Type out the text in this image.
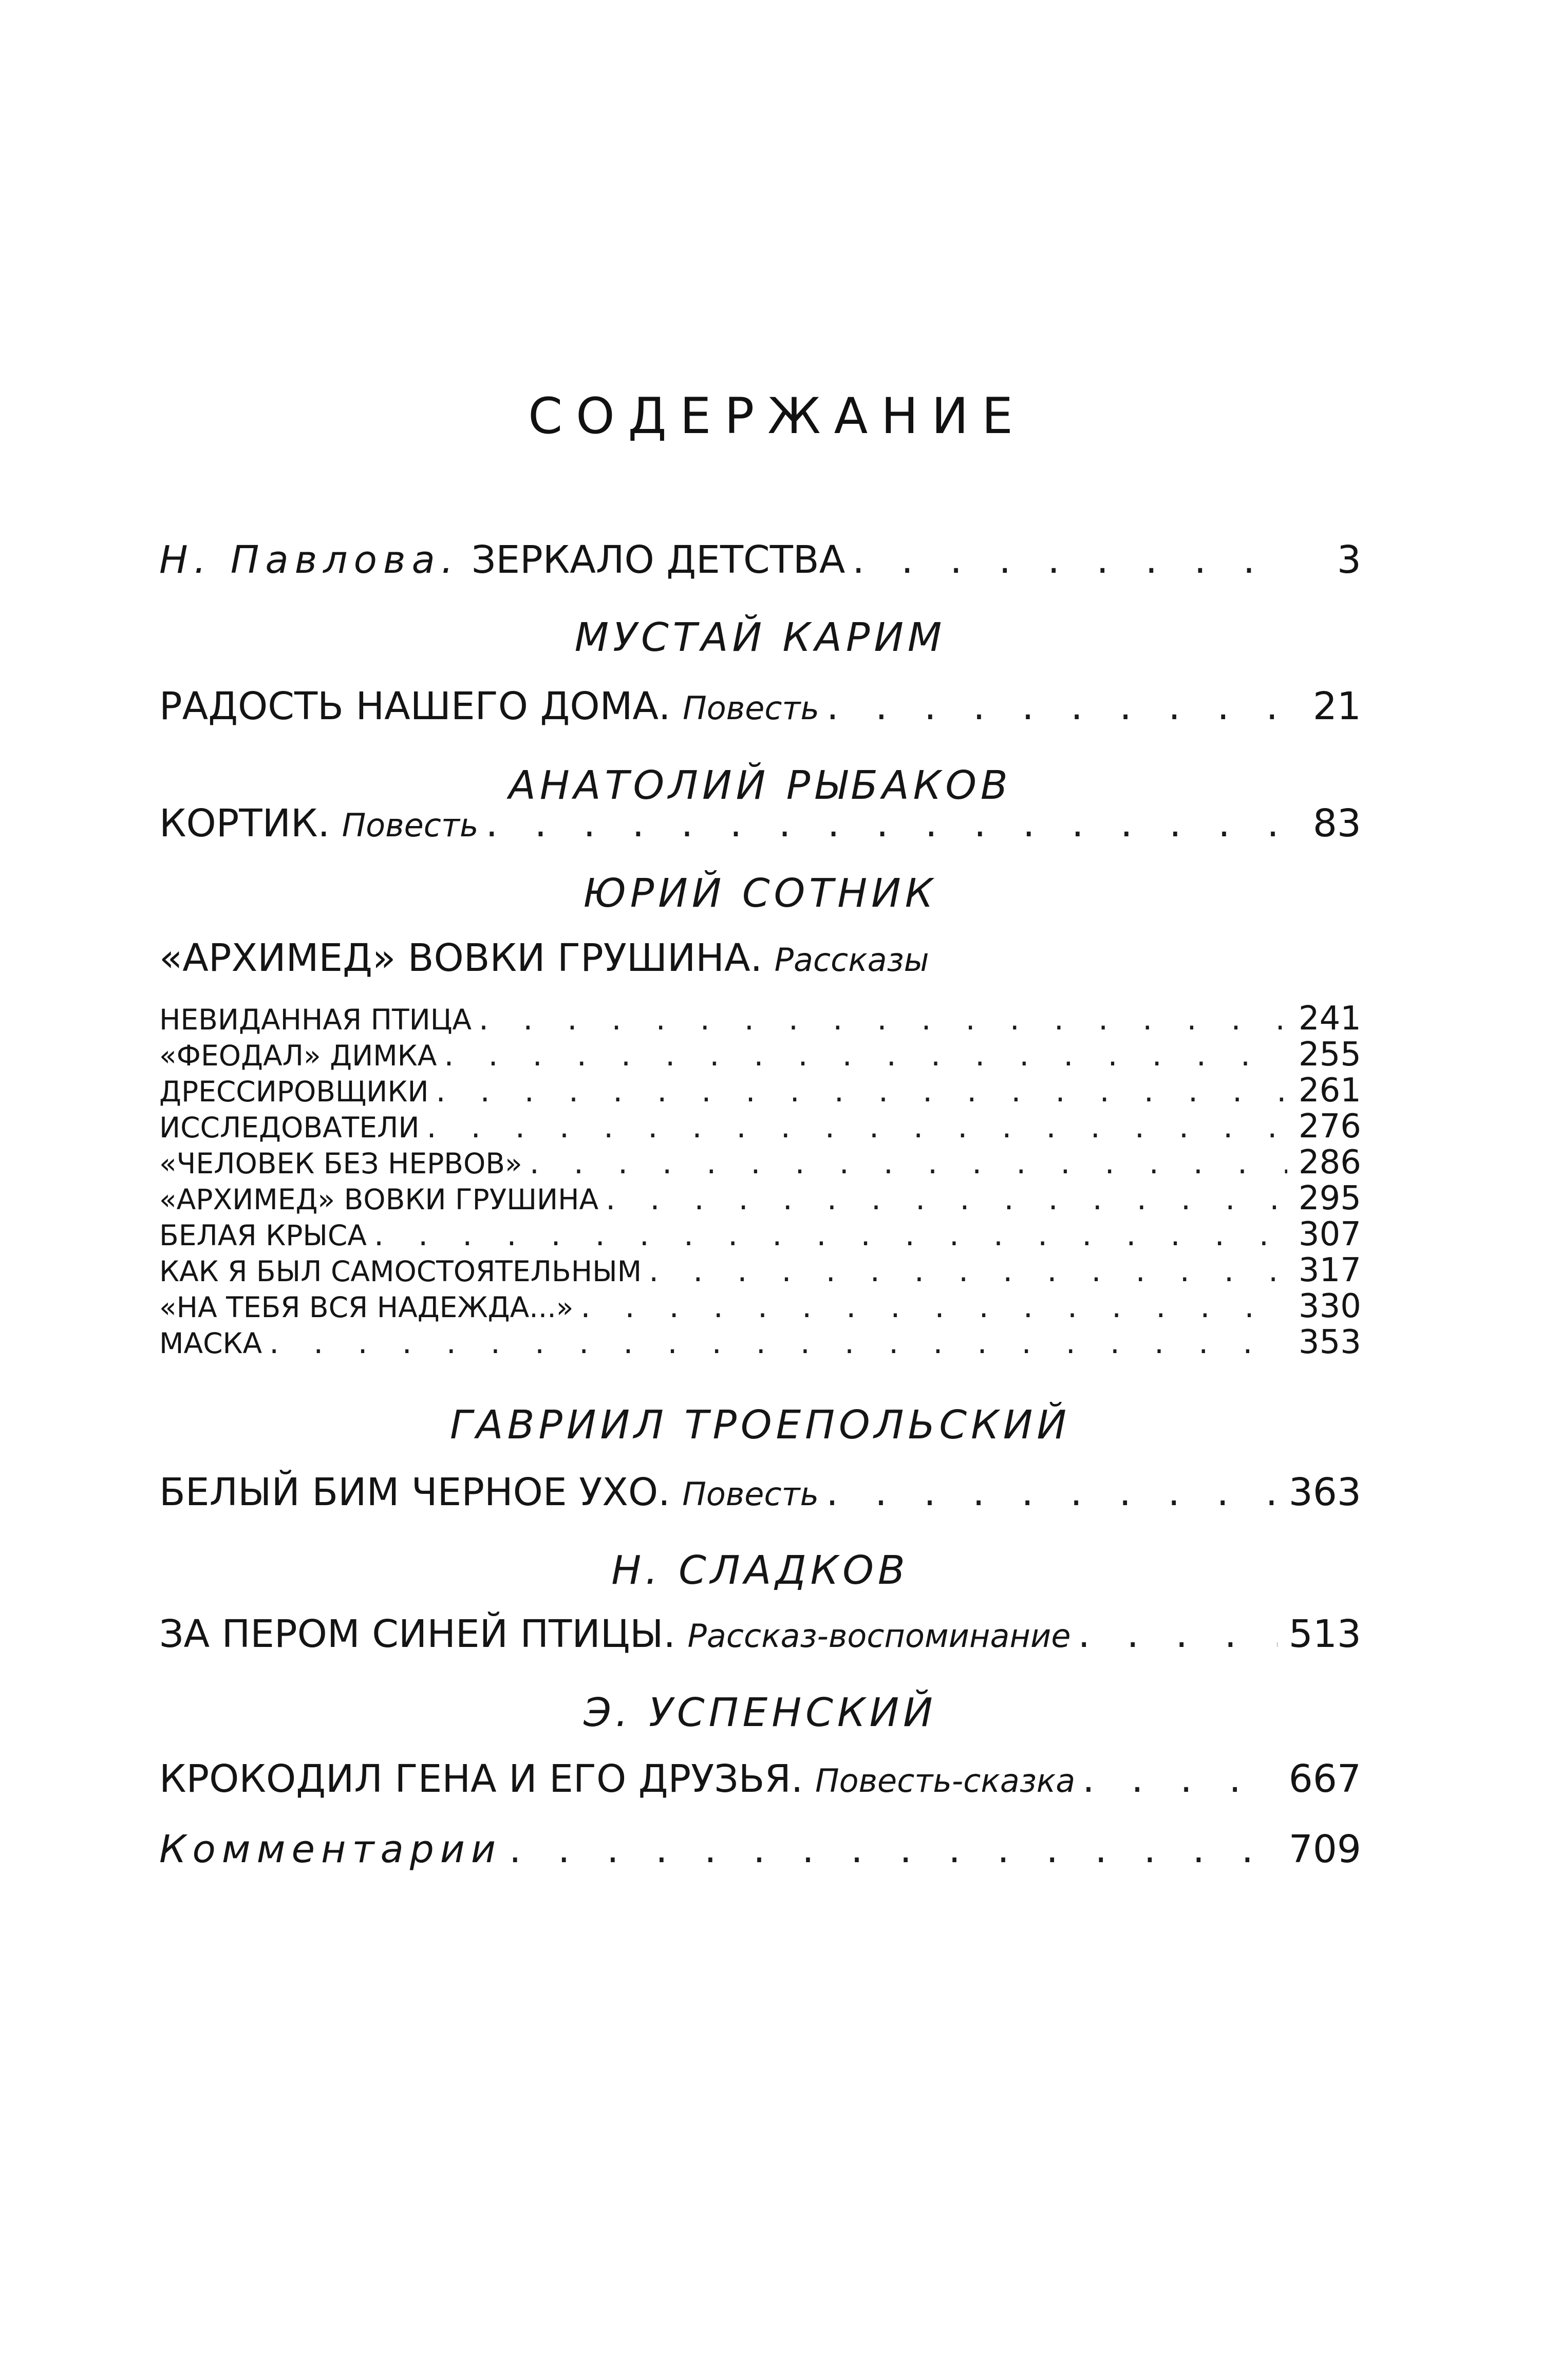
СОДЕРЖАНИЕ
Н. Павлова. ЗЕРКАЛО ДЕТСТВА . . .	3
МУСТАЙ КАРИМ
РАДОСТЬ НАШЕГО ДОМА. Повесть . . .	21
АНАТОЛИЙ РЫБАКОВ
КОРТИК. Повесть . . .	83
ЮРИЙ СОТНИК
«АРХИМЕД» ВОВКИ ГРУШИНА. Рассказы
НЕВИДАННАЯ ПТИЦА . . .	241
«ФЕОДАЛ» ДИМКА . . .	255
ДРЕССИРОВЩИКИ . . .	261
ИССЛЕДОВАТЕЛИ . . .	276
«ЧЕЛОВЕК БЕЗ НЕРВОВ» . . .	286
«АРХИМЕД» ВОВКИ ГРУШИНА . . .	295
БЕЛАЯ КРЫСА . . .	307
КАК Я БЫЛ САМОСТОЯТЕЛЬНЫМ . . .	317
«НА ТЕБЯ ВСЯ НАДЕЖДА...» . . .	330
МАСКА . . .	353
ГАВРИИЛ ТРОЕПОЛЬСКИЙ
БЕЛЫЙ БИМ ЧЕРНОЕ УХО. Повесть . . .	363
Н. СЛАДКОВ
ЗА ПЕРОМ СИНЕЙ ПТИЦЫ. Рассказ-воспоминание . . .	513
Э. УСПЕНСКИЙ
КРОКОДИЛ ГЕНА И ЕГО ДРУЗЬЯ. Повесть-сказка . . .	667
Комментарии . . .	709
